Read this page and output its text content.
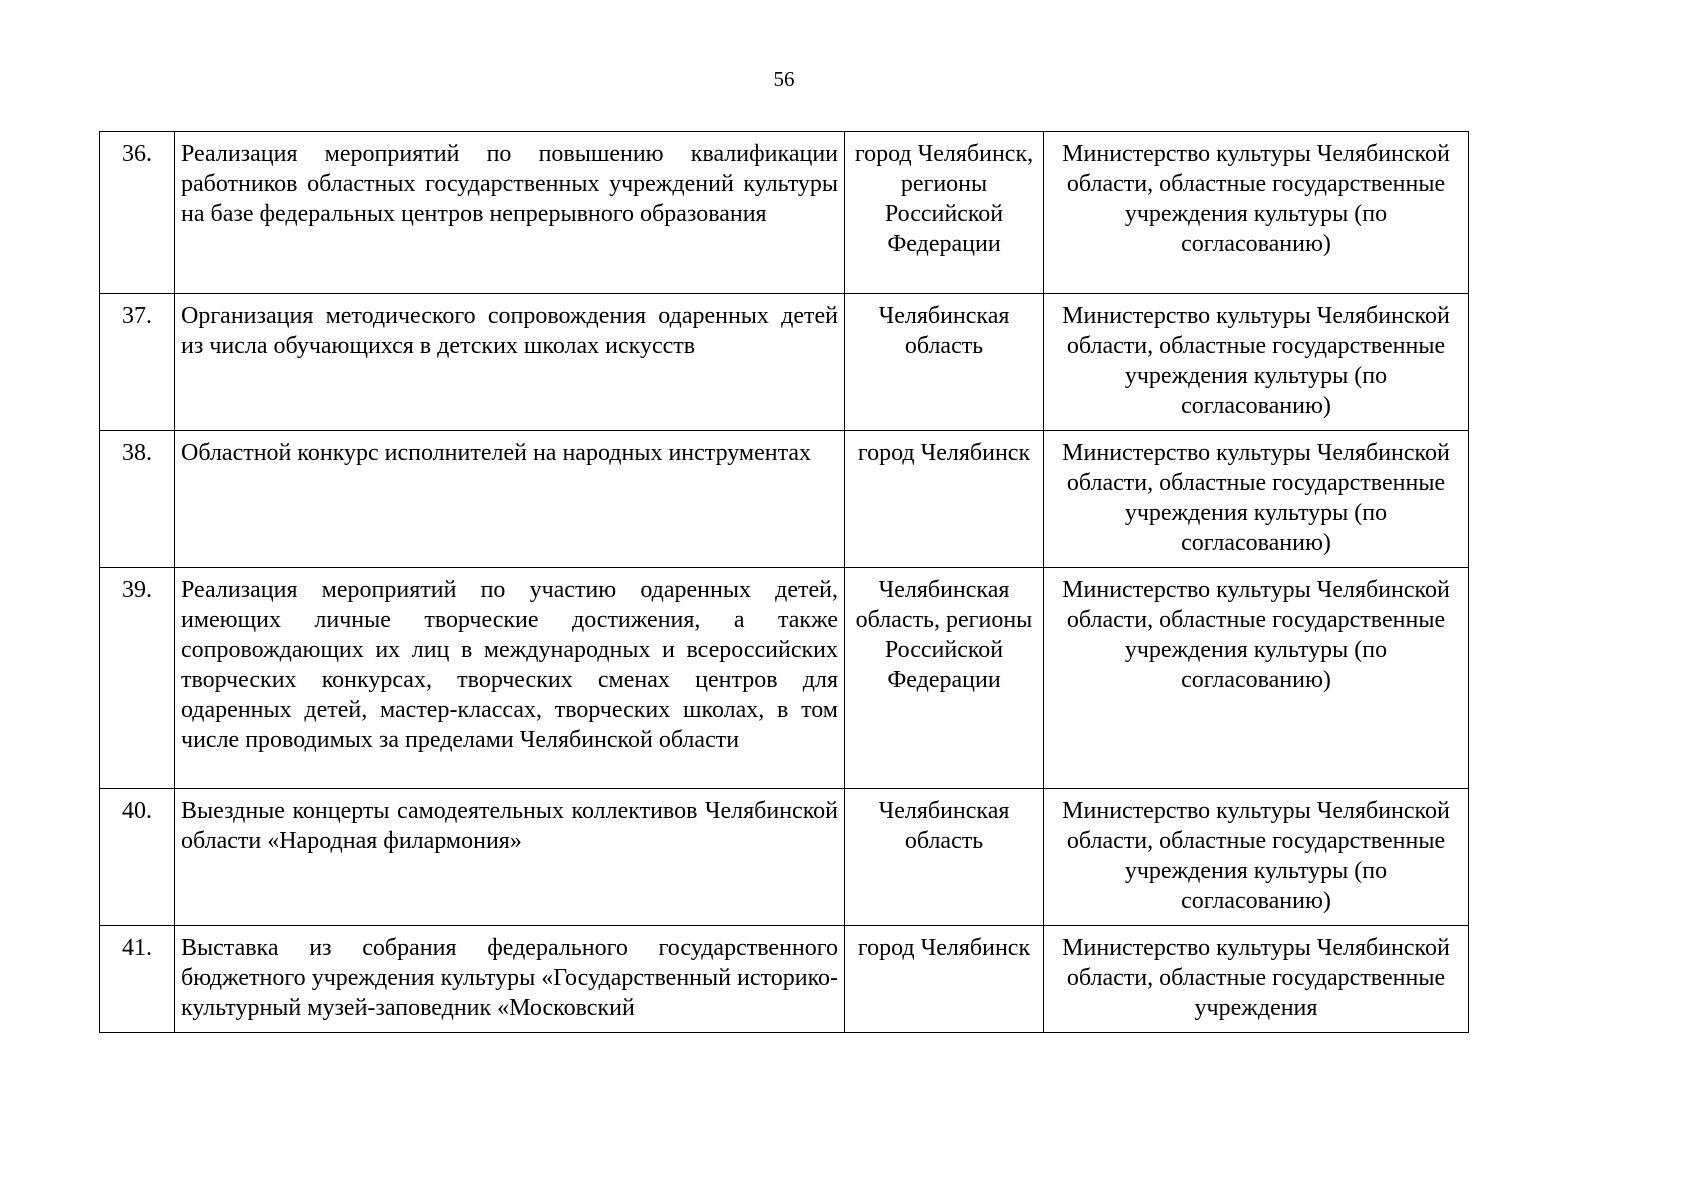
56
36.	Реализация мероприятий по повышению квалификации работников областных государственных учреждений культуры на базе федеральных центров непрерывного образования	город Челябинск, регионы Российской Федерации	Министерство культуры Челябинской области, областные государственные учреждения культуры (по согласованию)
37.	Организация методического сопровождения одаренных детей из числа обучающихся в детских школах искусств	Челябинская область	Министерство культуры Челябинской области, областные государственные учреждения культуры (по согласованию)
38.	Областной конкурс исполнителей на народных инструментах	город Челябинск	Министерство культуры Челябинской области, областные государственные учреждения культуры (по согласованию)
39.	Реализация мероприятий по участию одаренных детей, имеющих личные творческие достижения, а также сопровождающих их лиц в международных и всероссийских творческих конкурсах, творческих сменах центров для одаренных детей, мастер-классах, творческих школах, в том числе проводимых за пределами Челябинской области	Челябинская область, регионы Российской Федерации	Министерство культуры Челябинской области, областные государственные учреждения культуры (по согласованию)
40.	Выездные концерты самодеятельных коллективов Челябинской области «Народная филармония»	Челябинская область	Министерство культуры Челябинской области, областные государственные учреждения культуры (по согласованию)
41.	Выставка из собрания федерального государственного бюджетного учреждения культуры «Государственный историко-культурный музей-заповедник «Московский	город Челябинск	Министерство культуры Челябинской области, областные государственные учреждения
